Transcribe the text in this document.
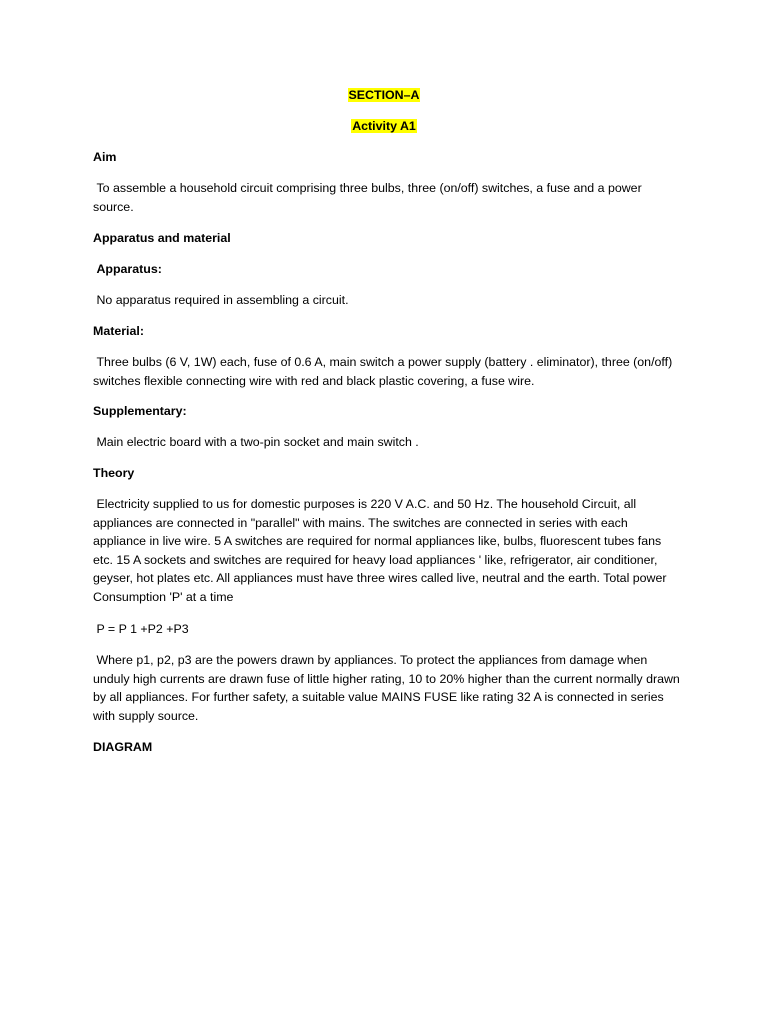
SECTION–A

Activity A1

Aim

To assemble a household circuit comprising three bulbs, three (on/off) switches, a fuse and a power source.

Apparatus and material

Apparatus:

No apparatus required in assembling a circuit.

Material:

Three bulbs (6 V, 1W) each, fuse of 0.6 A, main switch a power supply (battery . eliminator), three (on/off) switches flexible connecting wire with red and black plastic covering, a fuse wire.

Supplementary:

Main electric board with a two-pin socket and main switch .

Theory

Electricity supplied to us for domestic purposes is 220 V A.C. and 50 Hz. The household Circuit, all appliances are connected in "parallel" with mains. The switches are connected in series with each appliance in live wire. 5 A switches are required for normal appliances like, bulbs, fluorescent tubes fans etc. 15 A sockets and switches are required for heavy load appliances ' like, refrigerator, air conditioner, geyser, hot plates etc. All appliances must have three wires called live, neutral and the earth. Total power Consumption 'P' at a time

P = P 1 +P2 +P3

Where p1, p2, p3 are the powers drawn by appliances. To protect the appliances from damage when unduly high currents are drawn fuse of little higher rating, 10 to 20% higher than the current normally drawn by all appliances. For further safety, a suitable value MAINS FUSE like rating 32 A is connected in series with supply source.

DIAGRAM
